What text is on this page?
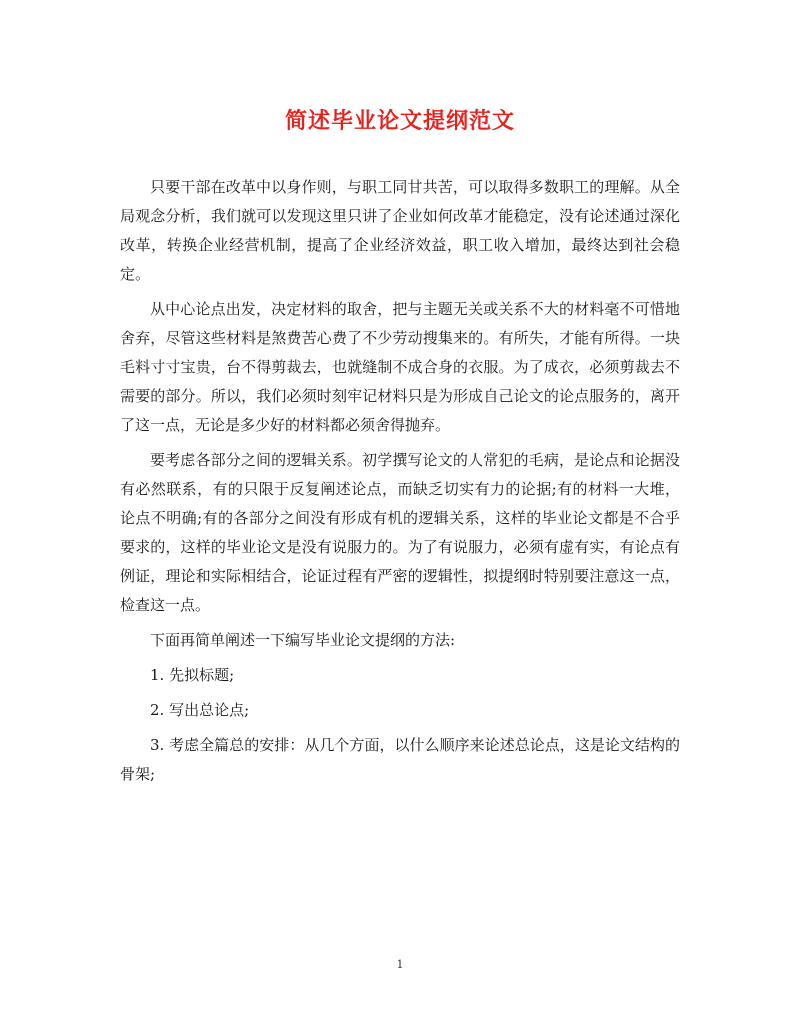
简述毕业论文提纲范文

只要干部在改革中以身作则，与职工同甘共苦，可以取得多数职工的理解。从全局观念分析，我们就可以发现这里只讲了企业如何改革才能稳定，没有论述通过深化改革，转换企业经营机制，提高了企业经济效益，职工收入增加，最终达到社会稳定。

从中心论点出发，决定材料的取舍，把与主题无关或关系不大的材料毫不可惜地舍弃，尽管这些材料是煞费苦心费了不少劳动搜集来的。有所失，才能有所得。一块毛料寸寸宝贵，台不得剪裁去，也就缝制不成合身的衣服。为了成衣，必须剪裁去不需要的部分。所以，我们必须时刻牢记材料只是为形成自己论文的论点服务的，离开了这一点，无论是多少好的材料都必须舍得抛弃。

要考虑各部分之间的逻辑关系。初学撰写论文的人常犯的毛病，是论点和论据没有必然联系，有的只限于反复阐述论点，而缺乏切实有力的论据;有的材料一大堆，论点不明确;有的各部分之间没有形成有机的逻辑关系，这样的毕业论文都是不合乎要求的，这样的毕业论文是没有说服力的。为了有说服力，必须有虚有实，有论点有例证，理论和实际相结合，论证过程有严密的逻辑性，拟提纲时特别要注意这一点，检查这一点。

下面再简单阐述一下编写毕业论文提纲的方法:

1. 先拟标题;

2. 写出总论点;

3. 考虑全篇总的安排：从几个方面，以什么顺序来论述总论点，这是论文结构的骨架;

1
